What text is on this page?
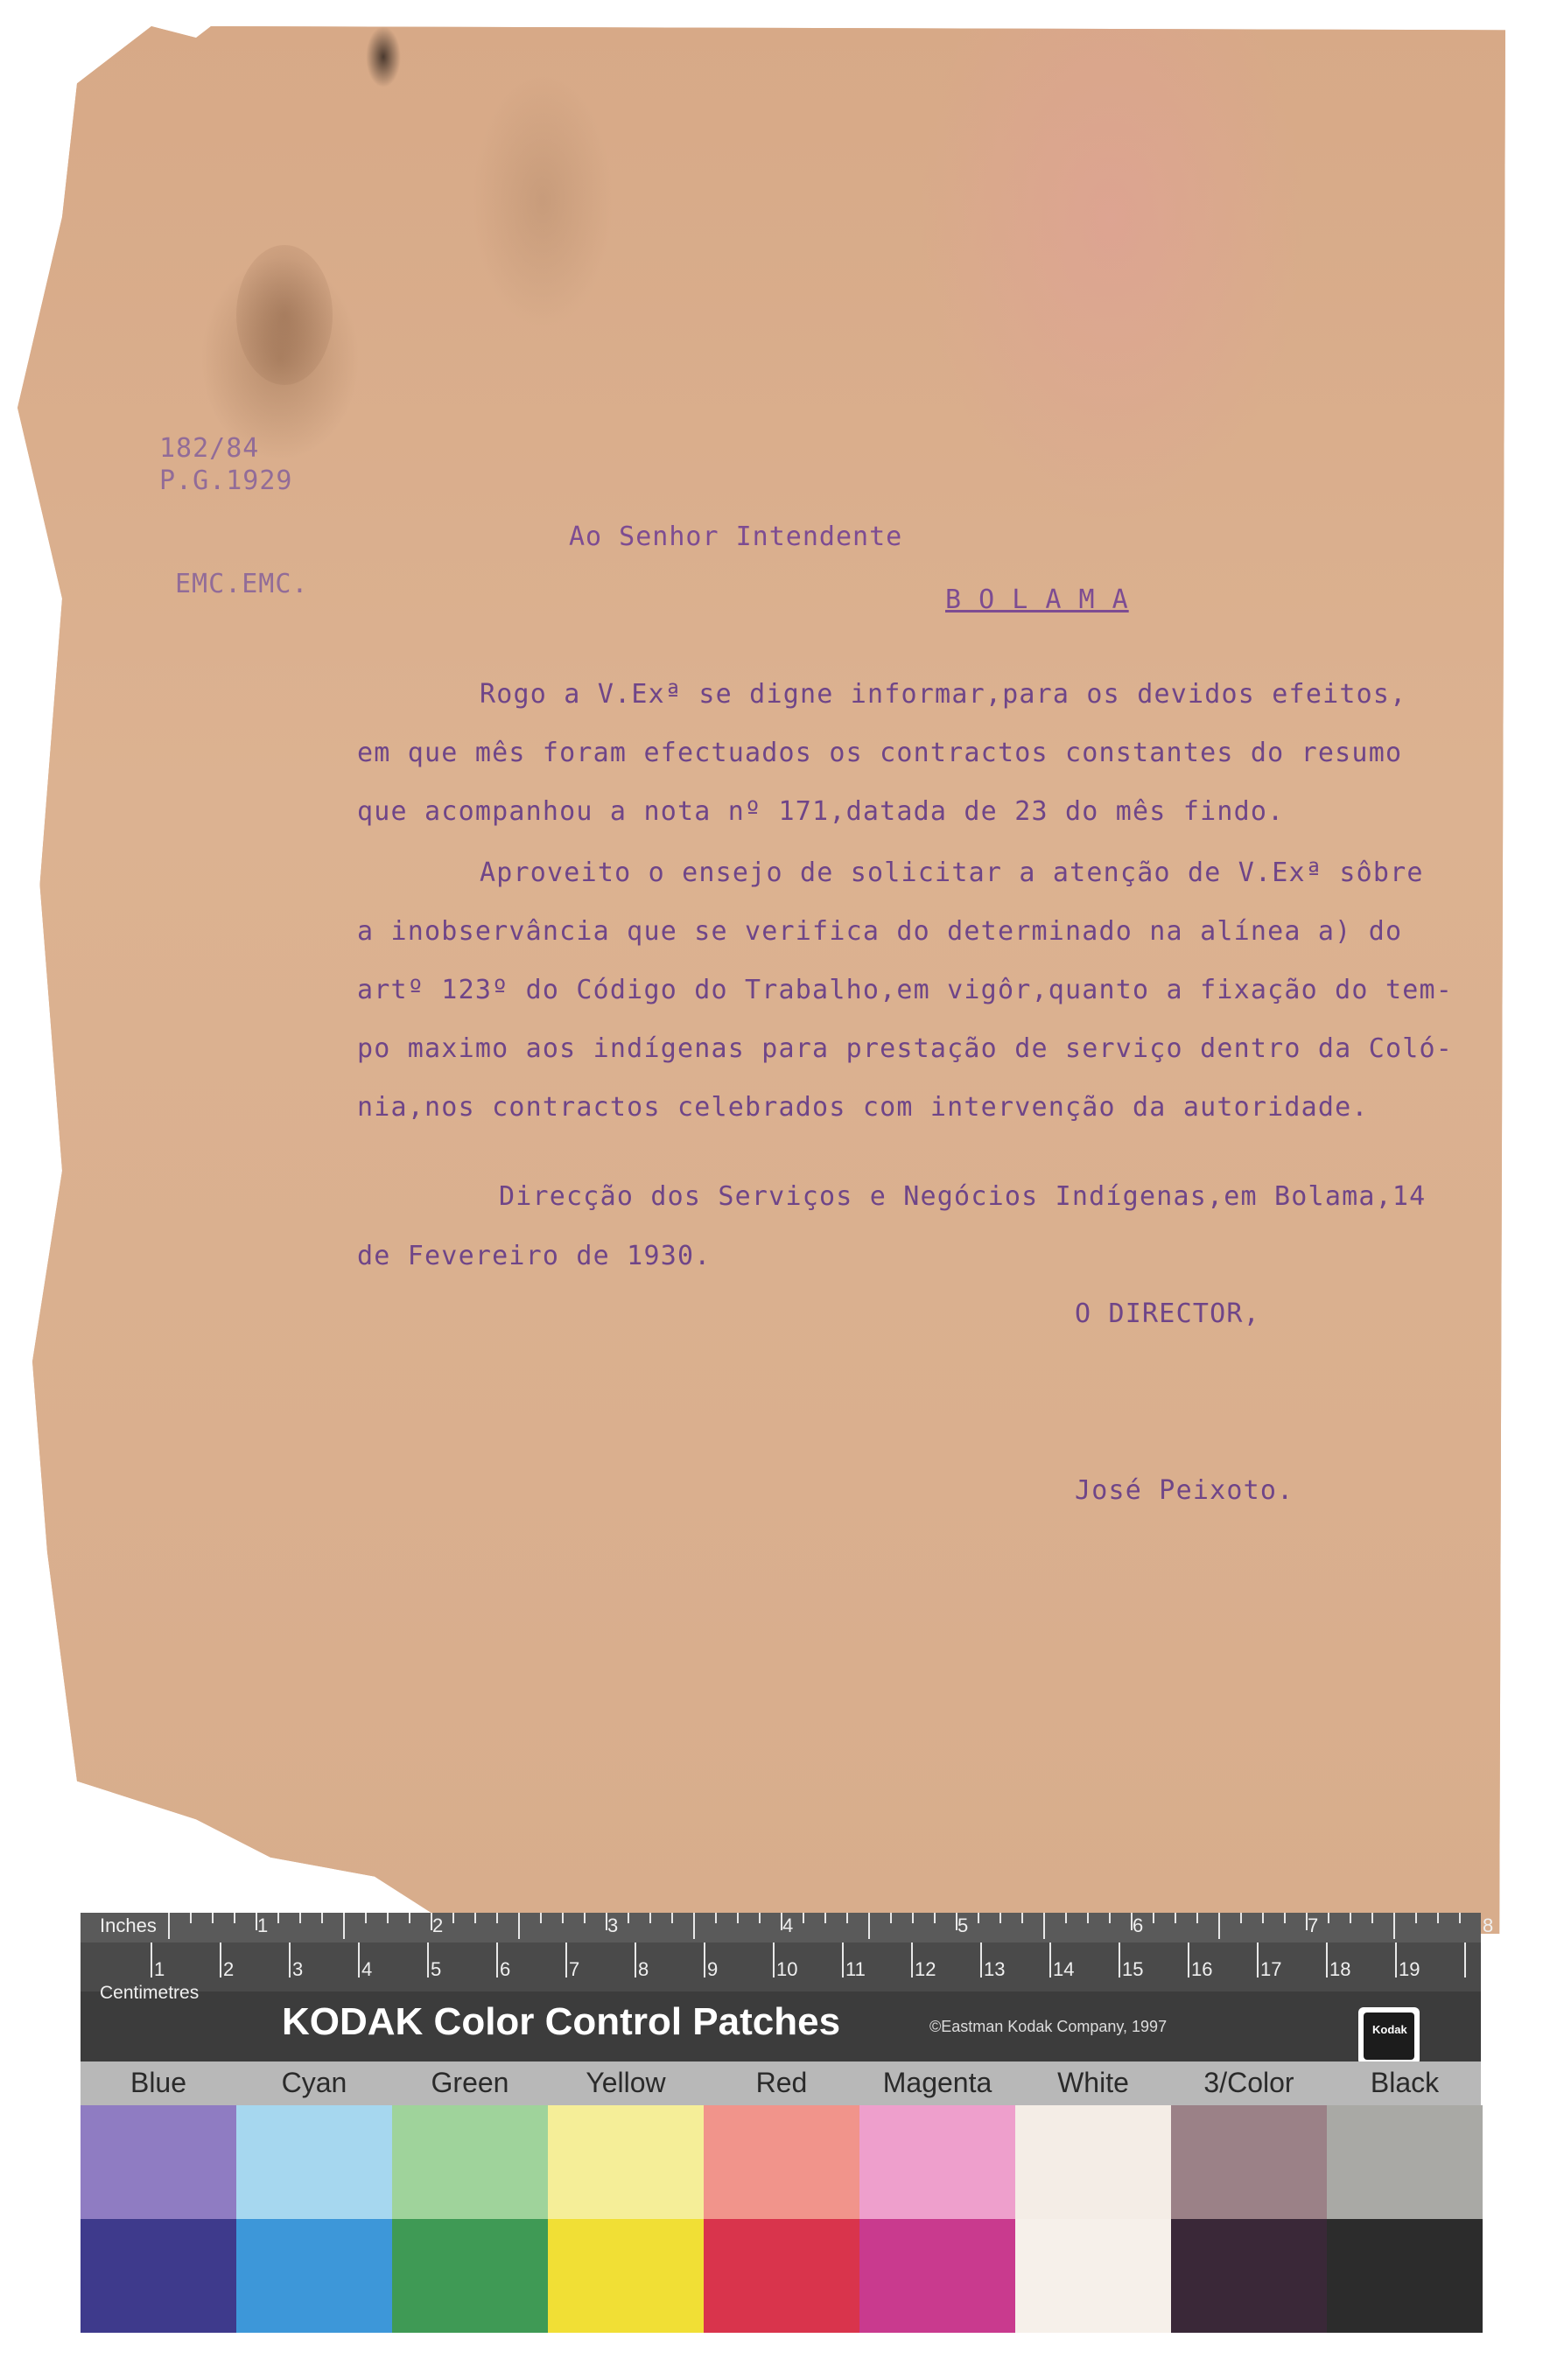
182/84
P.G.1929
EMC.EMC.
Ao Senhor Intendente
B O L A M A
Rogo a V.Exª se digne informar,para os devidos efeitos,
em que mês foram efectuados os contractos constantes do resumo
que acompanhou a nota nº 171,datada de 23 do mês findo.
Aproveito o ensejo de solicitar a atenção de V.Exª sôbre
a inobservância que se verifica do determinado na alínea a) do
artº 123º do Código do Trabalho,em vigôr,quanto a fixação do tem-
po maximo aos indígenas para prestação de serviço dentro da Coló-
nia,nos contractos celebrados com intervenção da autoridade.
Direcção dos Serviços e Negócios Indígenas,em Bolama,14
de Fevereiro de 1930.
O DIRECTOR,
José Peixoto.
Inches
Centimetres
1	2	3	4	5	6	7	8
1	2	3	4	5	6	7	8	9	10 11	12 13 14 15 16 17 18 19
KODAK Color Control Patches	©Eastman Kodak Company, 1997	Kodak
Blue	Cyan	Green	Yellow	Red	Magenta	White	3/Color	Black
